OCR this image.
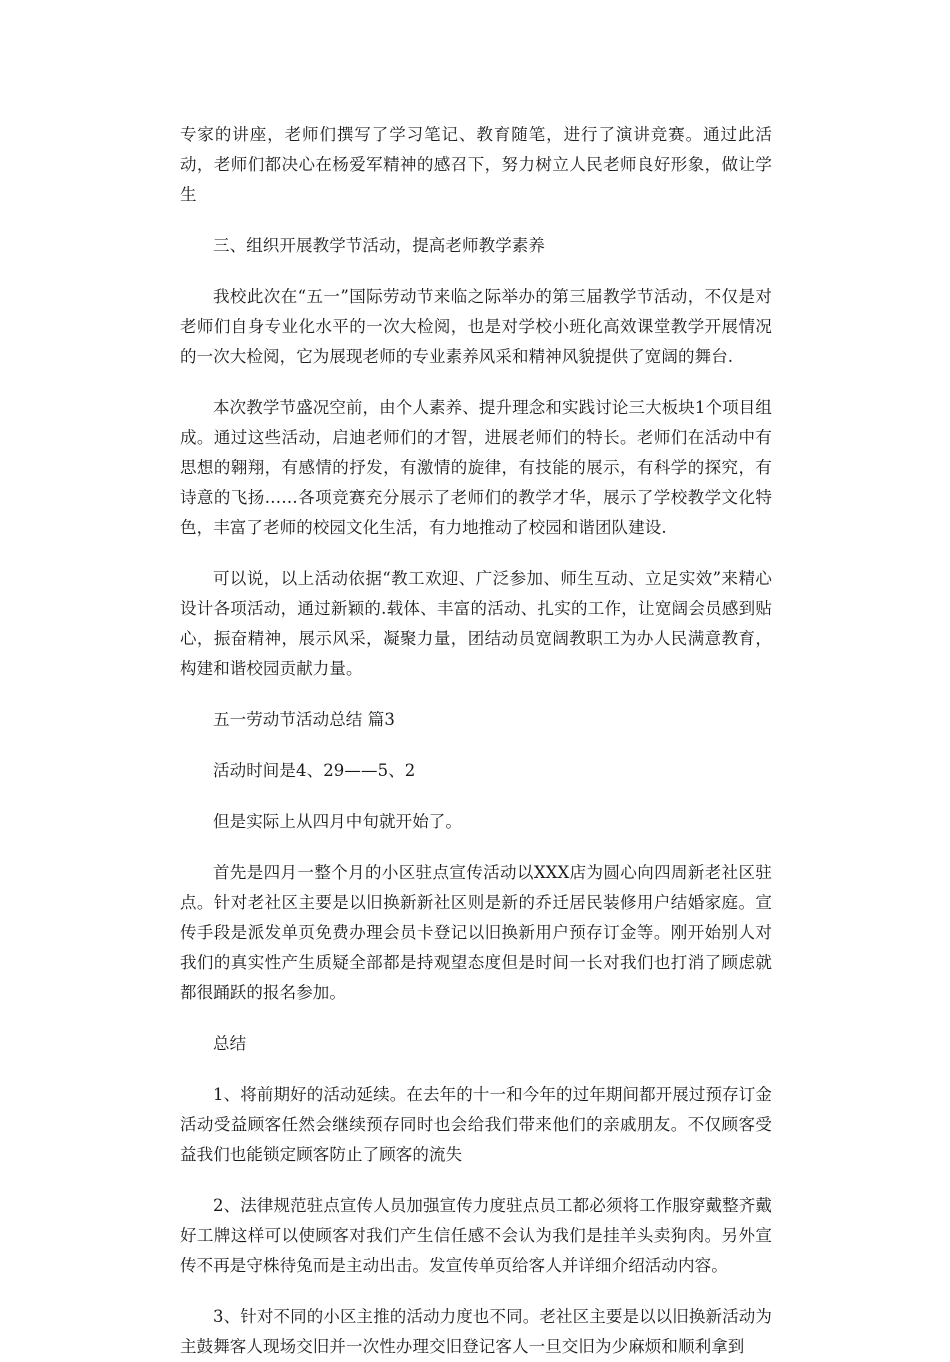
专家的讲座，老师们撰写了学习笔记、教育随笔，进行了演讲竞赛。通过此活动，老师们都决心在杨爱军精神的感召下，努力树立人民老师良好形象，做让学生

三、组织开展教学节活动，提高老师教学素养

我校此次在“五一”国际劳动节来临之际举办的第三届教学节活动，不仅是对老师们自身专业化水平的一次大检阅，也是对学校小班化高效课堂教学开展情况的一次大检阅，它为展现老师的专业素养风采和精神风貌提供了宽阔的舞台.

本次教学节盛况空前，由个人素养、提升理念和实践讨论三大板块1个项目组成。通过这些活动，启迪老师们的才智，进展老师们的特长。老师们在活动中有思想的翱翔，有感情的抒发，有激情的旋律，有技能的展示，有科学的探究，有诗意的飞扬……各项竞赛充分展示了老师们的教学才华，展示了学校教学文化特色，丰富了老师的校园文化生活，有力地推动了校园和谐团队建设.

可以说，以上活动依据“教工欢迎、广泛参加、师生互动、立足实效”来精心设计各项活动，通过新颖的.载体、丰富的活动、扎实的工作，让宽阔会员感到贴心，振奋精神，展示风采，凝聚力量，团结动员宽阔教职工为办人民满意教育，构建和谐校园贡献力量。

五一劳动节活动总结 篇3

活动时间是4、29——5、2

但是实际上从四月中旬就开始了。

首先是四月一整个月的小区驻点宣传活动以XXX店为圆心向四周新老社区驻点。针对老社区主要是以旧换新新社区则是新的乔迁居民装修用户结婚家庭。宣传手段是派发单页免费办理会员卡登记以旧换新用户预存订金等。刚开始别人对我们的真实性产生质疑全部都是持观望态度但是时间一长对我们也打消了顾虑就都很踊跃的报名参加。

总结

1、将前期好的活动延续。在去年的十一和今年的过年期间都开展过预存订金活动受益顾客任然会继续预存同时也会给我们带来他们的亲戚朋友。不仅顾客受益我们也能锁定顾客防止了顾客的流失

2、法律规范驻点宣传人员加强宣传力度驻点员工都必须将工作服穿戴整齐戴好工牌这样可以使顾客对我们产生信任感不会认为我们是挂羊头卖狗肉。另外宣传不再是守株待兔而是主动出击。发宣传单页给客人并详细介绍活动内容。

3、针对不同的小区主推的活动力度也不同。老社区主要是以以旧换新活动为主鼓舞客人现场交旧并一次性办理交旧登记客人一旦交旧为少麻烦和顺利拿到
